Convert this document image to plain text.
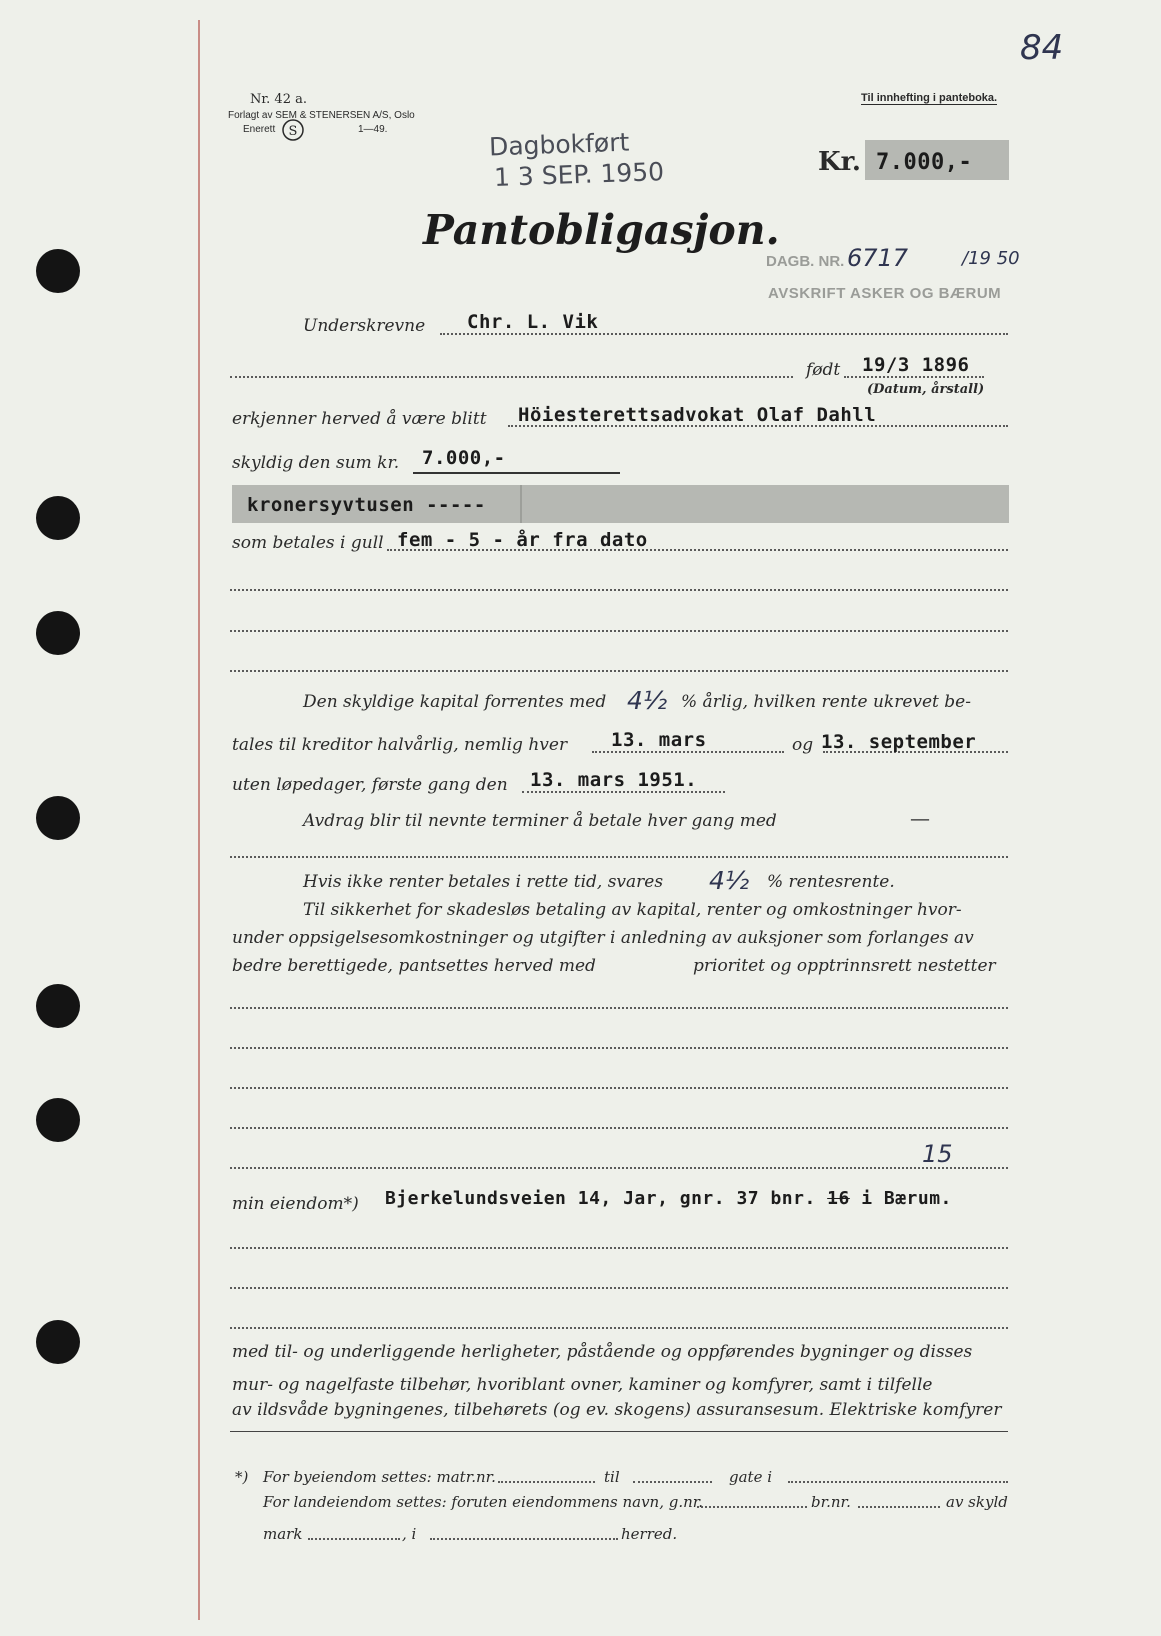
84
Nr. 42 a.
Forlagt av SEM & STENERSEN A/S, Oslo
Enerett S	1—49.
Til innhefting i panteboka.
Dagbokført
1 3 SEP. 1950
DAGB. NR. 6717	/19 50
AVSKRIFT ASKER OG BÆRUM
Kr. 7.000,-
Pantobligasjon.
Underskrevne Chr. L. Vik
født 19/3 1896
(Datum, årstall)
erkjenner herved å være blitt Höiesterettsadvokat Olaf Dahll
skyldig den sum kr. 7.000,-
kronersyvtusen -----
som betales i gull fem - 5 - år fra dato
Den skyldige kapital forrentes med 4½ % årlig, hvilken rente ukrevet be-
tales til kreditor halvårlig, nemlig hver 13. mars	og 13. september
uten løpedager, første gang den 13. mars 1951.
Avdrag blir til nevnte terminer å betale hver gang med	—
Hvis ikke renter betales i rette tid, svares 4½ % rentesrente.
Til sikkerhet for skadesløs betaling av kapital, renter og omkostninger hvor-
under oppsigelsesomkostninger og utgifter i anledning av auksjoner som forlanges av
bedre berettigede, pantsettes herved med	prioritet og opptrinnsrett nestetter
15
min eiendom*) Bjerkelundsveien 14, Jar, gnr. 37 bnr. 16 i Bærum.
med til- og underliggende herligheter, påstående og oppførendes bygninger og disses
mur- og nagelfaste tilbehør, hvoriblant ovner, kaminer og komfyrer, samt i tilfelle
av ildsvåde bygningenes, tilbehørets (og ev. skogens) assuransesum. Elektriske komfyrer
*) For byeiendom settes: matr.nr.	til	gate i
For landeiendom settes: foruten eiendommens navn, g.nr.	br.nr.	av skyld
mark	, i	herred.
